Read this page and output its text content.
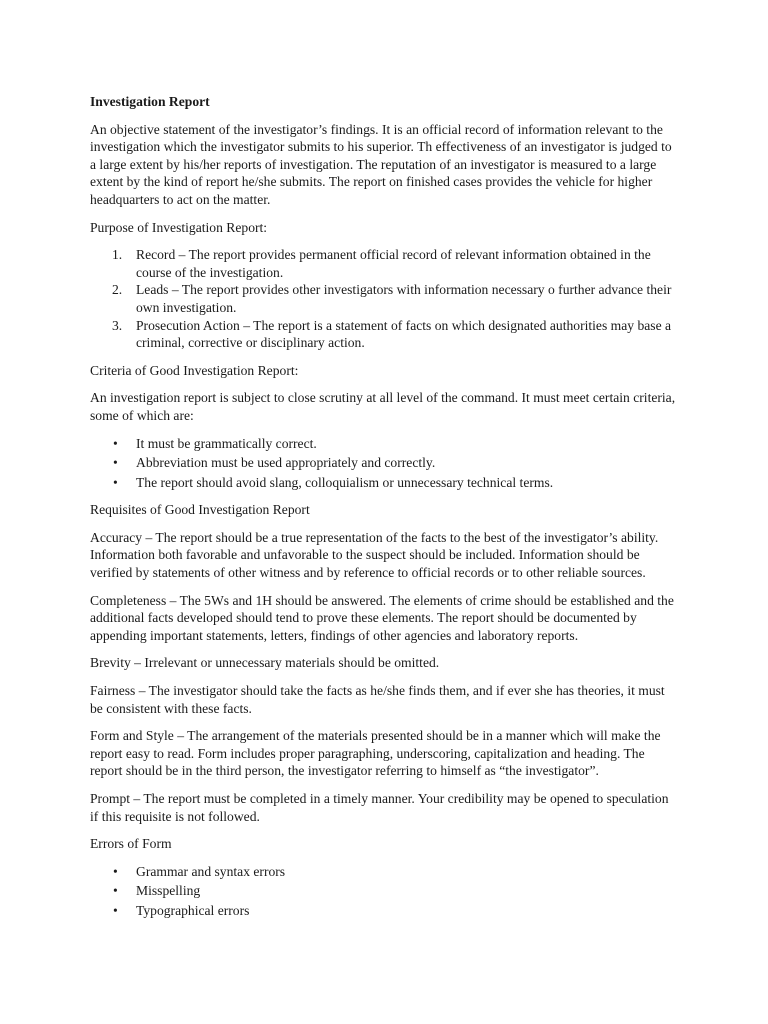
Investigation Report

An objective statement of the investigator’s findings. It is an official record of information relevant to the investigation which the investigator submits to his superior. Th effectiveness of an investigator is judged to a large extent by his/her reports of investigation. The reputation of an investigator is measured to a large extent by the kind of report he/she submits. The report on finished cases provides the vehicle for higher headquarters to act on the matter.

Purpose of Investigation Report:
1. Record – The report provides permanent official record of relevant information obtained in the course of the investigation.
2. Leads – The report provides other investigators with information necessary o further advance their own investigation.
3. Prosecution Action – The report is a statement of facts on which designated authorities may base a criminal, corrective or disciplinary action.
Criteria of Good Investigation Report:

An investigation report is subject to close scrutiny at all level of the command. It must meet certain criteria, some of which are:

• It must be grammatically correct.
• Abbreviation must be used appropriately and correctly.
• The report should avoid slang, colloquialism or unnecessary technical terms.
Requisites of Good Investigation Report

Accuracy – The report should be a true representation of the facts to the best of the investigator’s ability. Information both favorable and unfavorable to the suspect should be included. Information should be verified by statements of other witness and by reference to official records or to other reliable sources.

Completeness – The 5Ws and 1H should be answered. The elements of crime should be established and the additional facts developed should tend to prove these elements. The report should be documented by appending important statements, letters, findings of other agencies and laboratory reports.

Brevity – Irrelevant or unnecessary materials should be omitted.

Fairness – The investigator should take the facts as he/she finds them, and if ever she has theories, it must be consistent with these facts.

Form and Style – The arrangement of the materials presented should be in a manner which will make the report easy to read. Form includes proper paragraphing, underscoring, capitalization and heading. The report should be in the third person, the investigator referring to himself as “the investigator”.

Prompt – The report must be completed in a timely manner. Your credibility may be opened to speculation if this requisite is not followed.

Errors of Form
• Grammar and syntax errors
• Misspelling
• Typographical errors
